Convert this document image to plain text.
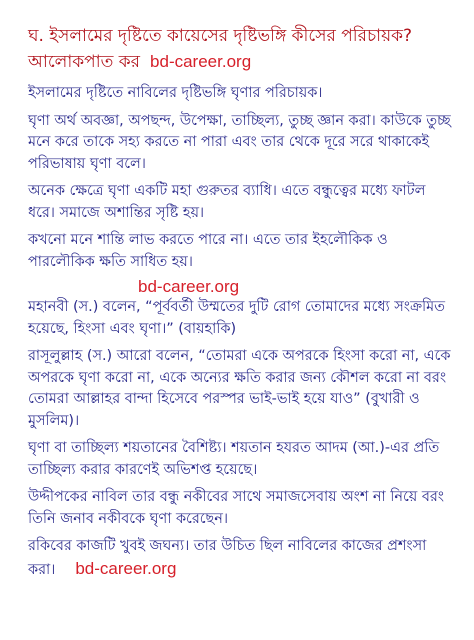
ঘ. ইসলামের দৃষ্টিতে কায়েসের দৃষ্টিভঙ্গি কীসের পরিচায়ক? আলোকপাত কর bd-career.org
ইসলামের দৃষ্টিতে নাবিলের দৃষ্টিভঙ্গি ঘৃণার পরিচায়ক।
ঘৃণা অর্থ অবজ্ঞা, অপছন্দ, উপেক্ষা, তাচ্ছিল্য, তুচ্ছ জ্ঞান করা। কাউকে তুচ্ছ মনে করে তাকে সহ্য করতে না পারা এবং তার থেকে দূরে সরে থাকাকেই পরিভাষায় ঘৃণা বলে।
অনেক ক্ষেত্রে ঘৃণা একটি মহা গুরুতর ব্যাধি। এতে বন্ধুত্বের মধ্যে ফাটল ধরে। সমাজে অশান্তির সৃষ্টি হয়।
কখনো মনে শান্তি লাভ করতে পারে না। এতে তার ইহলৌকিক ও পারলৌকিক ক্ষতি সাধিত হয়।
bd-career.org
মহানবী (স.) বলেন, “পূর্ববর্তী উম্মতের দুটি রোগ তোমাদের মধ্যে সংক্রমিত হয়েছে, হিংসা এবং ঘৃণা।” (বায়হাকি)
রাসূলুল্লাহ (স.) আরো বলেন, “তোমরা একে অপরকে হিংসা করো না, একে অপরকে ঘৃণা করো না, একে অন্যের ক্ষতি করার জন্য কৌশল করো না বরং তোমরা আল্লাহর বান্দা হিসেবে পরস্পর ভাই-ভাই হয়ে যাও” (বুখারী ও মুসলিম)।
ঘৃণা বা তাচ্ছিল্য শয়তানের বৈশিষ্ট্য। শয়তান হযরত আদম (আ.)-এর প্রতি তাচ্ছিল্য করার কারণেই অভিশপ্ত হয়েছে।
উদ্দীপকের নাবিল তার বন্ধু নকীবের সাথে সমাজসেবায় অংশ না নিয়ে বরং তিনি জনাব নকীবকে ঘৃণা করেছেন।
রকিবের কাজটি খুবই জঘন্য। তার উচিত ছিল নাবিলের কাজের প্রশংসা করা। bd-career.org
